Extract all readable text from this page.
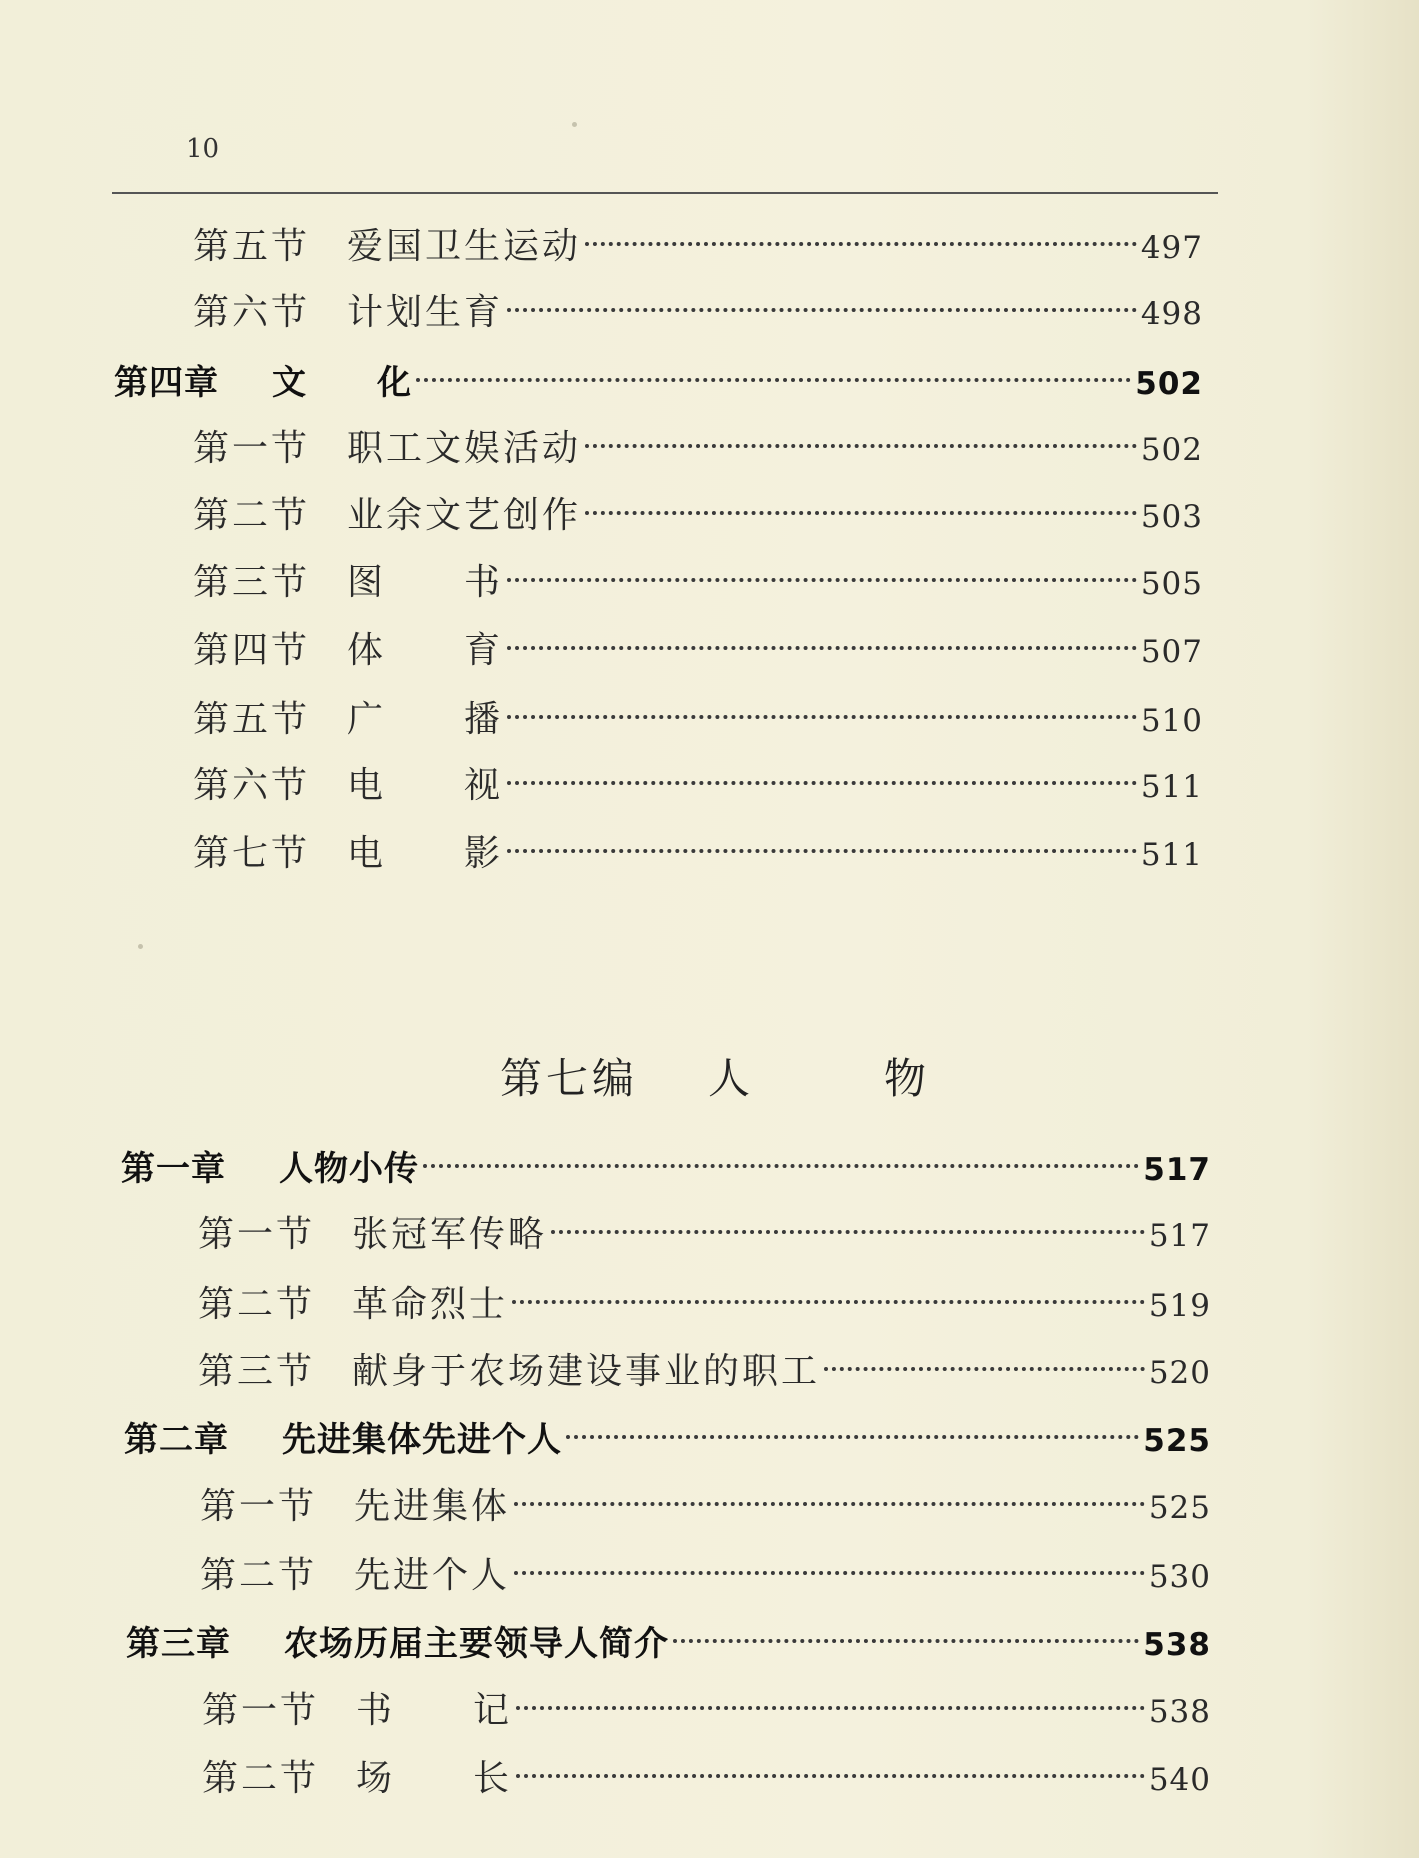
10
第五节	爱国卫生运动	497
第六节	计划生育	498
第四章	文　　化	502
第一节	职工文娱活动	502
第二节	业余文艺创作	503
第三节	图　　书	505
第四节	体　　育	507
第五节	广　　播	510
第六节	电　　视	511
第七节	电　　影	511
第七编 人	物
第一章	人物小传	517
第一节	张冠军传略	517
第二节	革命烈士	519
第三节	献身于农场建设事业的职工	520
第二章	先进集体先进个人	525
第一节	先进集体	525
第二节	先进个人	530
第三章	农场历届主要领导人简介	538
第一节	书　　记	538
第二节	场　　长	540
